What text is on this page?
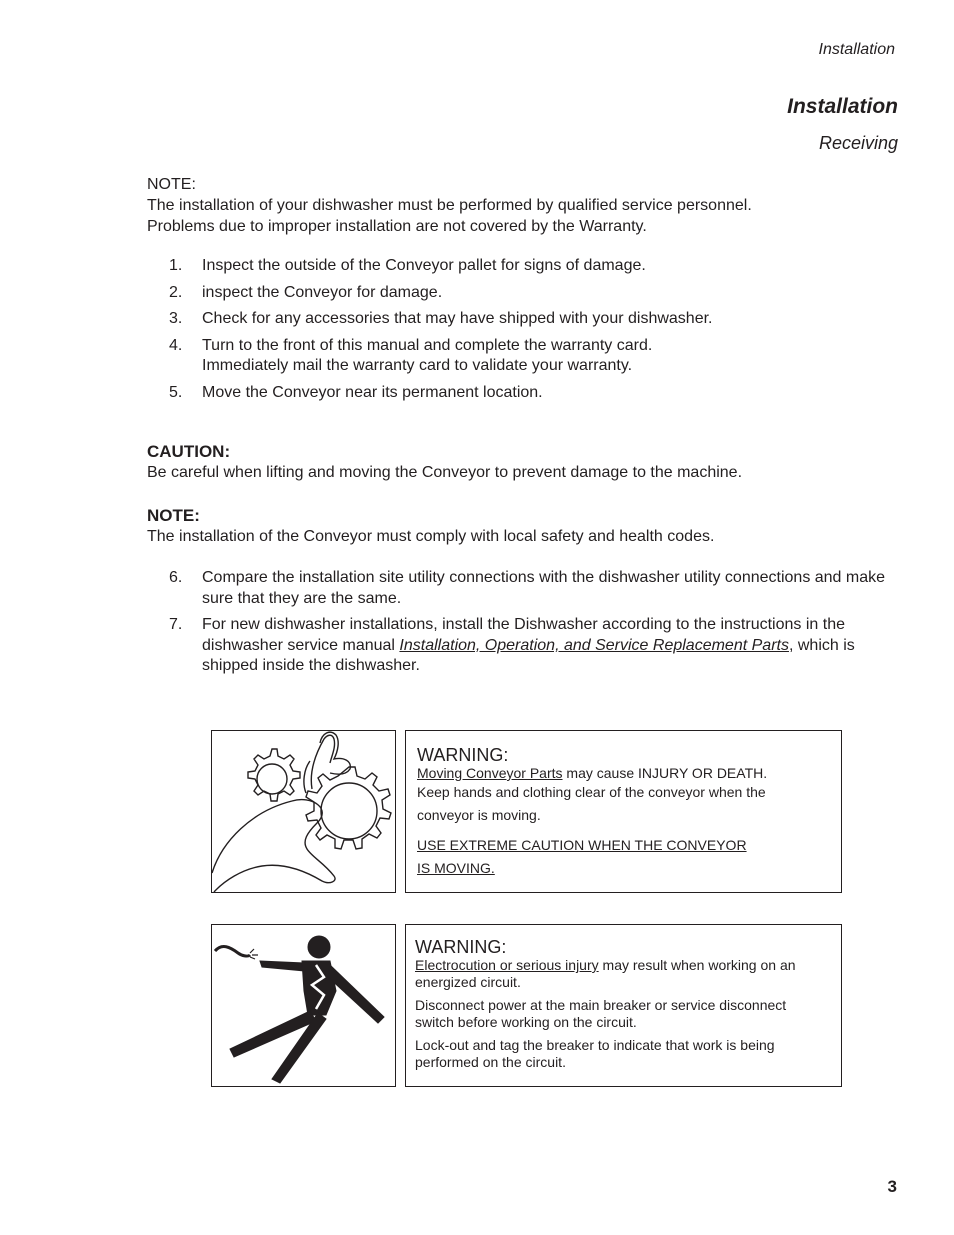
Installation
Installation
Receiving
NOTE:
The installation of your dishwasher must be performed by qualified service personnel.
Problems due to improper installation are not covered by the Warranty.
1.	Inspect the outside of the Conveyor pallet for signs of damage.
2.	inspect the Conveyor for damage.
3.	Check for any accessories that may have shipped with your dishwasher.
4.	Turn to the front of this manual and complete the warranty card.
Immediately mail the warranty card to validate your warranty.
5.	Move the Conveyor near its permanent location.
CAUTION:
Be careful when lifting and moving the Conveyor to prevent damage to the machine.
NOTE:
The installation of the Conveyor must comply with local safety and health codes.
6.	Compare the installation site utility connections with the dishwasher utility connections and make sure that they are the same.
7.	For new dishwasher installations, install the Dishwasher according to the instructions in the dishwasher service manual Installation, Operation, and Service Replacement Parts, which is shipped inside the dishwasher.
WARNING:
Moving Conveyor Parts may cause INJURY OR DEATH.
Keep hands and clothing clear of the conveyor when the
conveyor is moving.
USE EXTREME CAUTION WHEN THE CONVEYOR
IS MOVING.
WARNING:
Electrocution or serious injury may result when working on an energized circuit.
Disconnect power at the main breaker or service disconnect switch before working on the circuit.
Lock-out and tag the breaker to indicate that work is being performed on the circuit.
3
